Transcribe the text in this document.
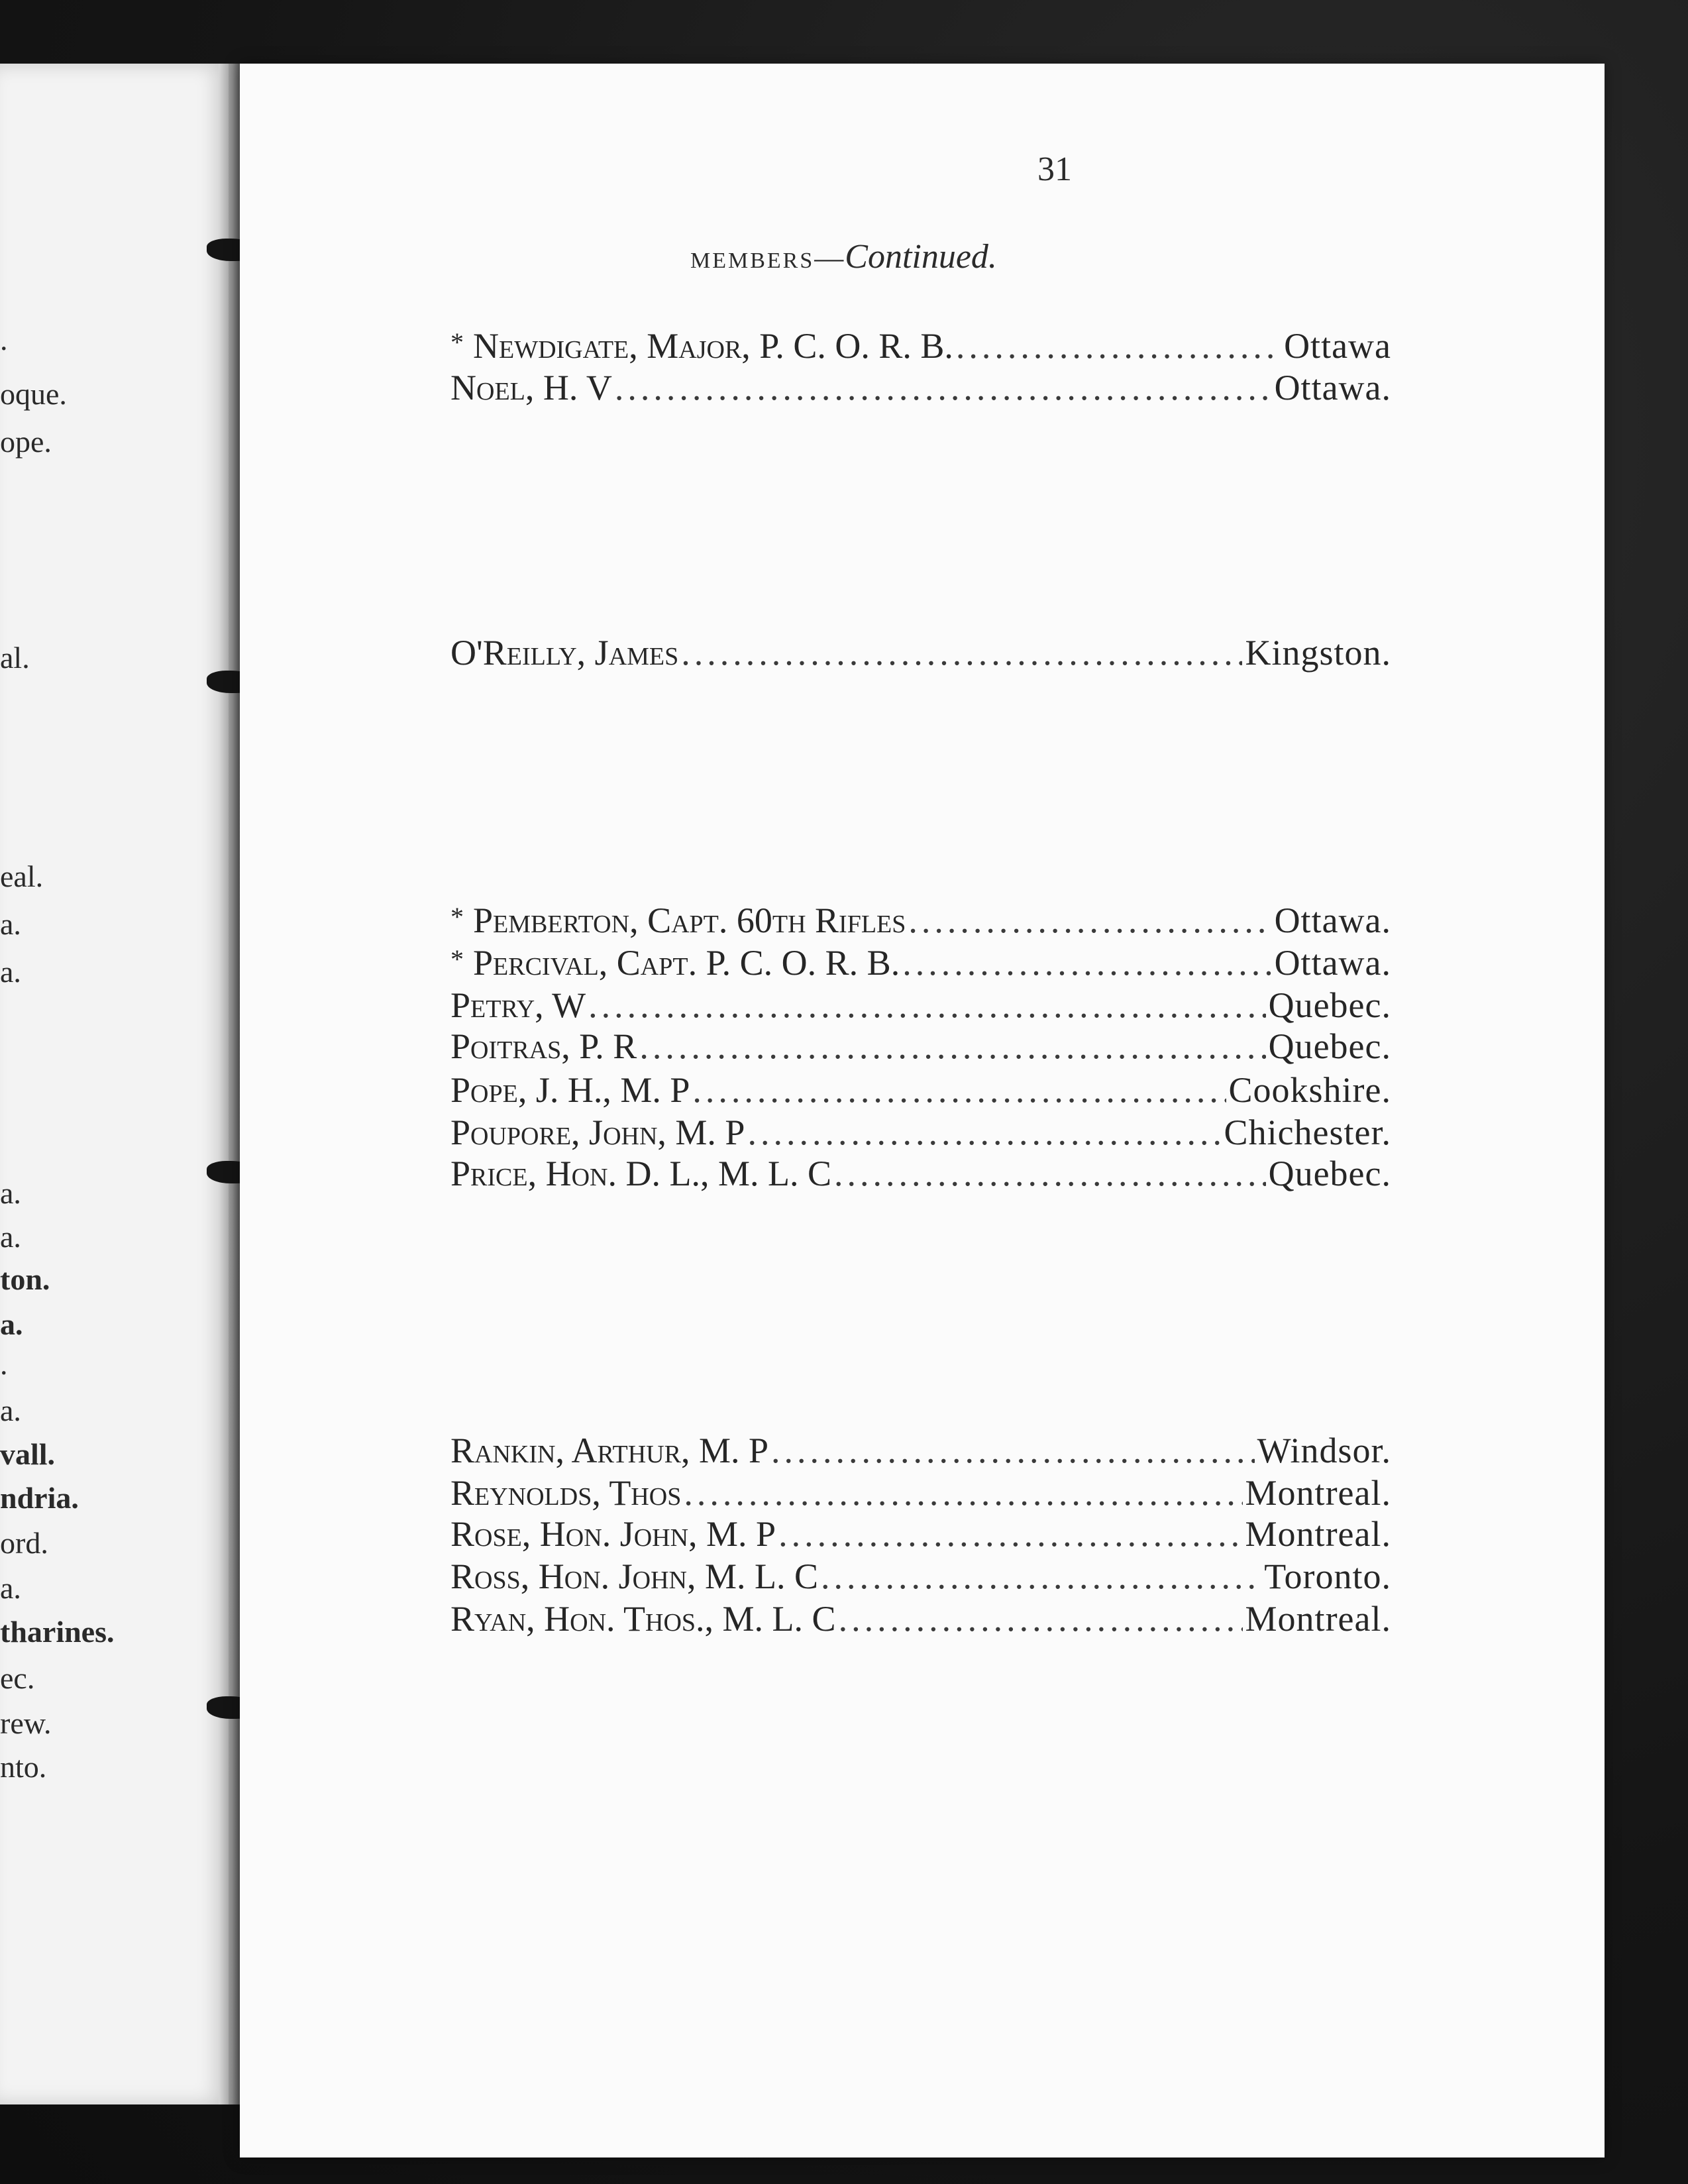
.
oque.
ope.
al.
eal.
a.
a.
a.
a.
ton.
a.
.
a.
vall.
ndria.
ord.
a.
tharines.
ec.
rew.
nto.
31
members—Continued.
* Newdigate, Major, P. C. O. R. B. .....	Ottawa
Noel, H. V .....	Ottawa.
O'Reilly, James .....	Kingston.
* Pemberton, Capt. 60th Rifles .....	Ottawa.
* Percival, Capt. P. C. O. R. B. .....	Ottawa.
Petry, W .....	Quebec.
Poitras, P. R .....	Quebec.
Pope, J. H., M. P .....	Cookshire.
Poupore, John, M. P .....	Chichester.
Price, Hon. D. L., M. L. C .....	Quebec.
Rankin, Arthur, M. P .....	Windsor.
Reynolds, Thos .....	Montreal.
Rose, Hon. John, M. P .....	Montreal.
Ross, Hon. John, M. L. C .....	Toronto.
Ryan, Hon. Thos., M. L. C .....	Montreal.
